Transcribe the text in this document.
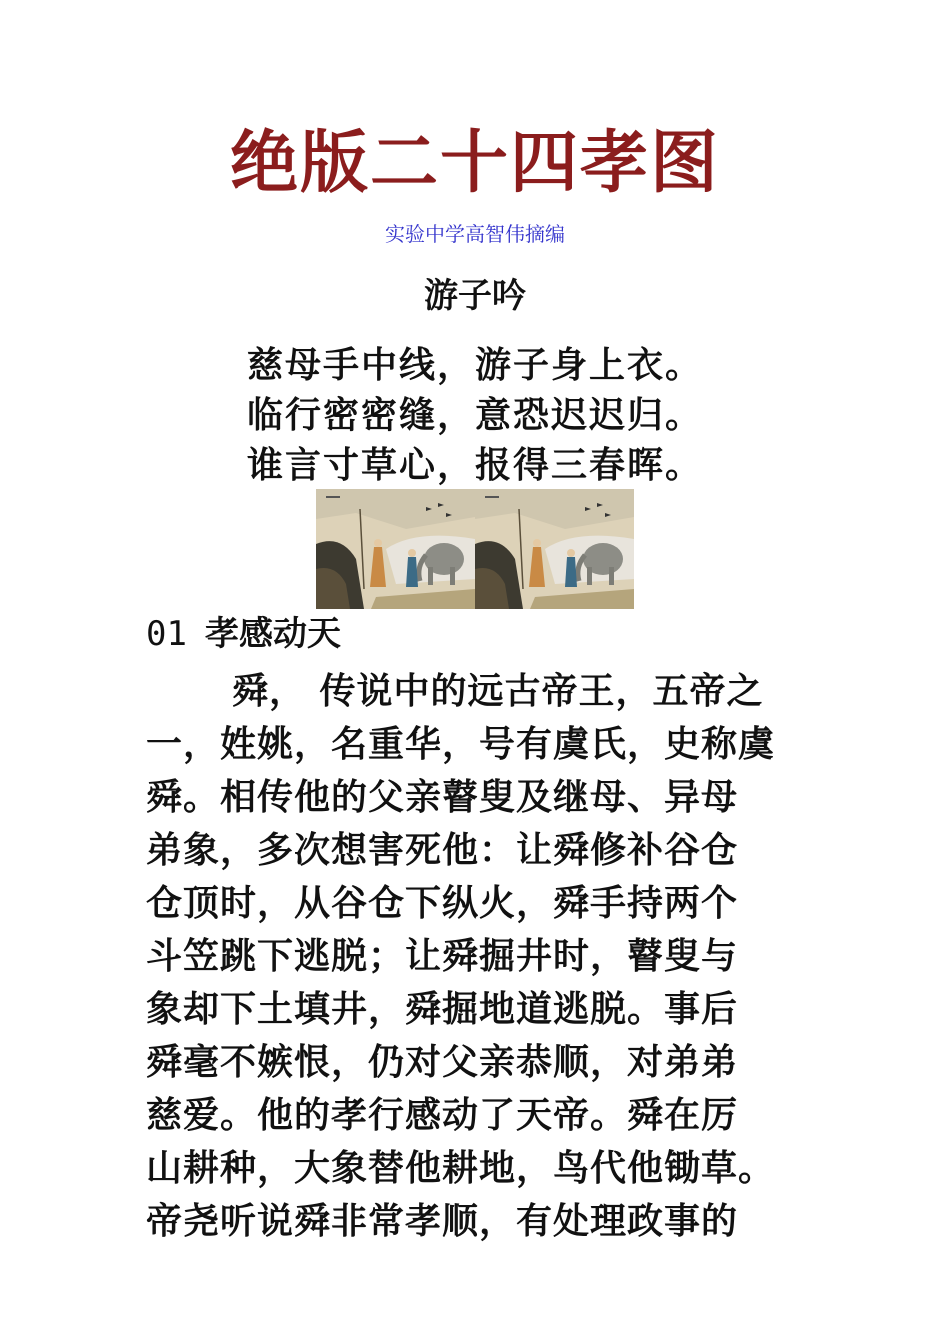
绝版二十四孝图
实验中学高智伟摘编
游子吟
慈母手中线，游子身上衣。
临行密密缝，意恐迟迟归。
谁言寸草心，报得三春晖。
01 孝感动天
舜， 传说中的远古帝王，五帝之
一，姓姚，名重华，号有虞氏，史称虞
舜。相传他的父亲瞽叟及继母、异母
弟象，多次想害死他：让舜修补谷仓
仓顶时，从谷仓下纵火，舜手持两个
斗笠跳下逃脱；让舜掘井时，瞽叟与
象却下土填井，舜掘地道逃脱。事后
舜毫不嫉恨，仍对父亲恭顺，对弟弟
慈爱。他的孝行感动了天帝。舜在厉
山耕种，大象替他耕地，鸟代他锄草。
帝尧听说舜非常孝顺，有处理政事的
